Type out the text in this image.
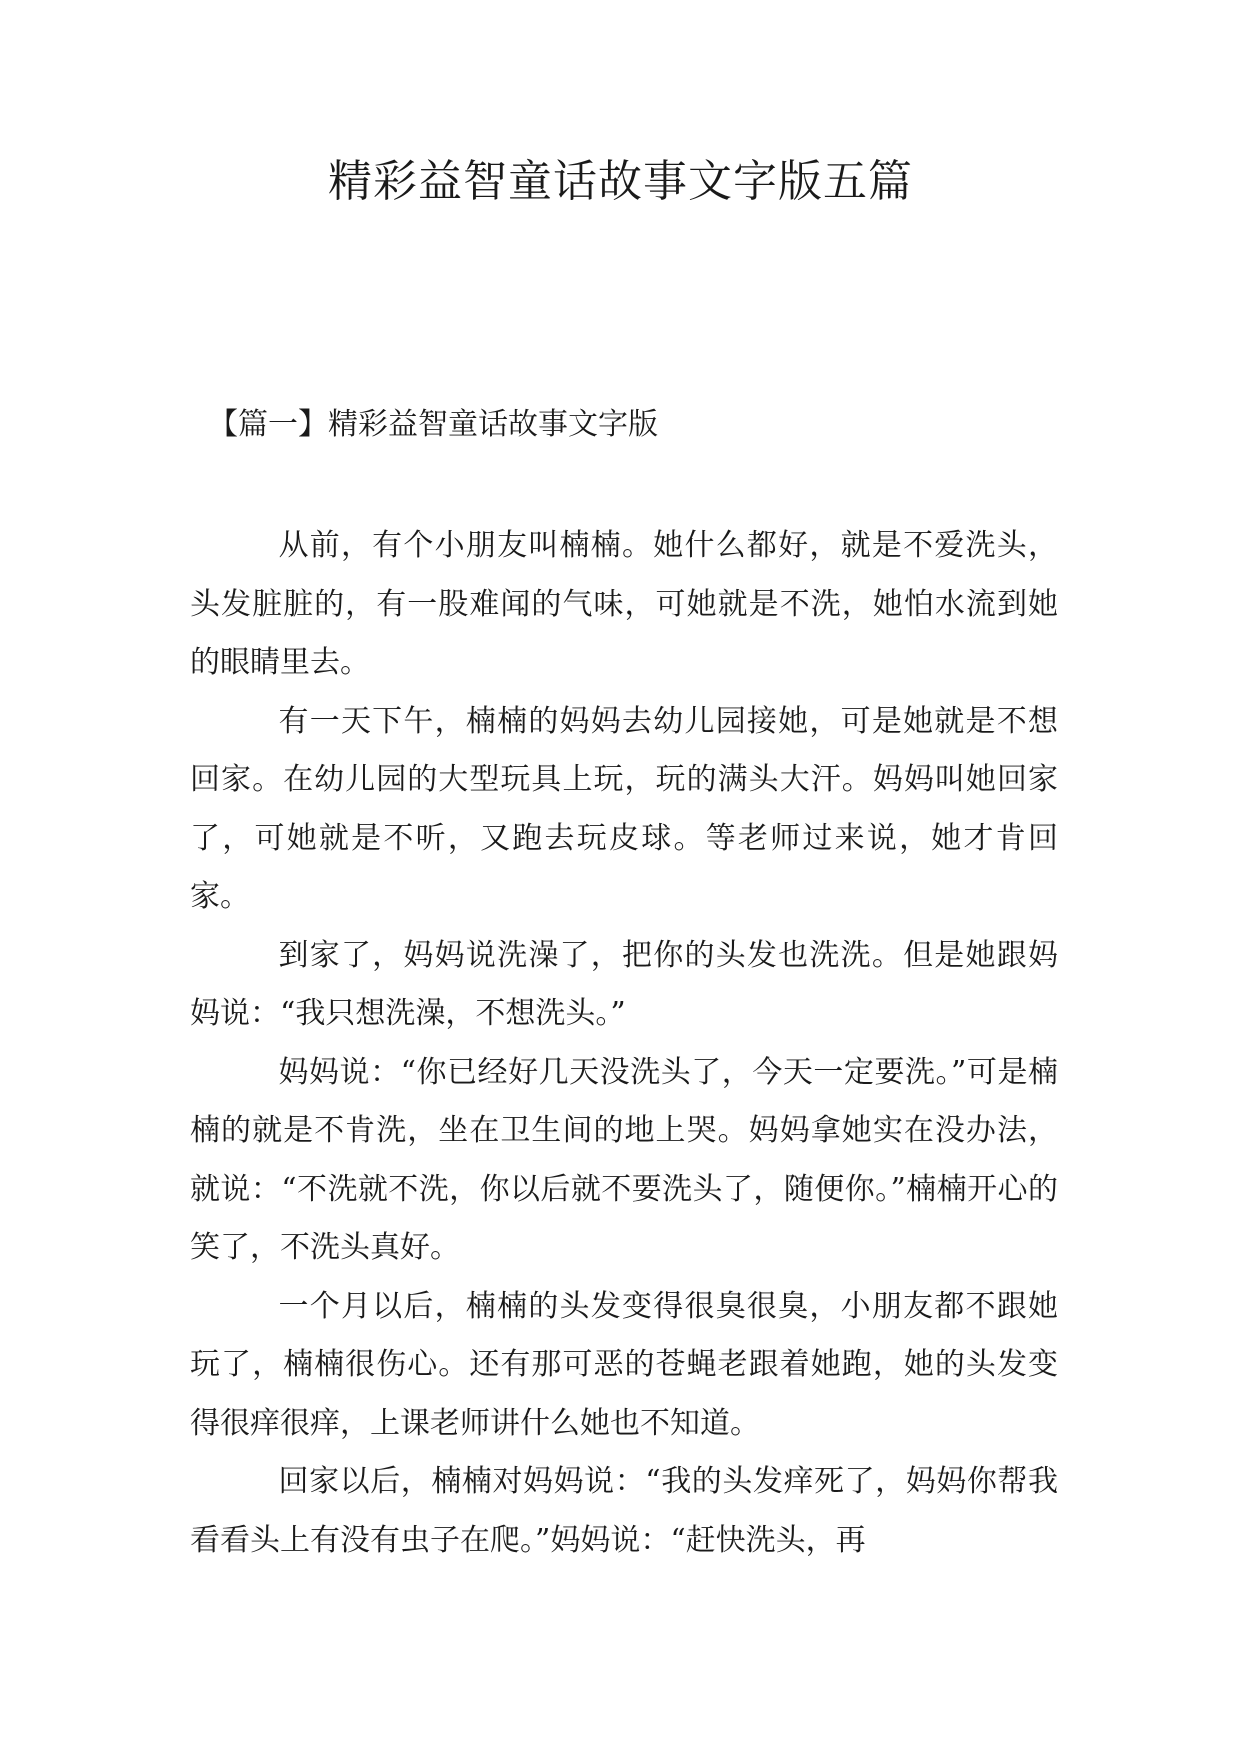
精彩益智童话故事文字版五篇
【篇一】精彩益智童话故事文字版

从前，有个小朋友叫楠楠。她什么都好，就是不爱洗头，头发脏脏的，有一股难闻的气味，可她就是不洗，她怕水流到她的眼睛里去。

有一天下午，楠楠的妈妈去幼儿园接她，可是她就是不想回家。在幼儿园的大型玩具上玩，玩的满头大汗。妈妈叫她回家了，可她就是不听，又跑去玩皮球。等老师过来说，她才肯回家。

到家了，妈妈说洗澡了，把你的头发也洗洗。但是她跟妈妈说：“我只想洗澡，不想洗头。”

妈妈说：“你已经好几天没洗头了，今天一定要洗。”可是楠楠的就是不肯洗，坐在卫生间的地上哭。妈妈拿她实在没办法，就说：“不洗就不洗，你以后就不要洗头了，随便你。”楠楠开心的笑了，不洗头真好。

一个月以后，楠楠的头发变得很臭很臭，小朋友都不跟她玩了，楠楠很伤心。还有那可恶的苍蝇老跟着她跑，她的头发变得很痒很痒，上课老师讲什么她也不知道。

回家以后，楠楠对妈妈说：“我的头发痒死了，妈妈你帮我看看头上有没有虫子在爬。”妈妈说：“赶快洗头，再
